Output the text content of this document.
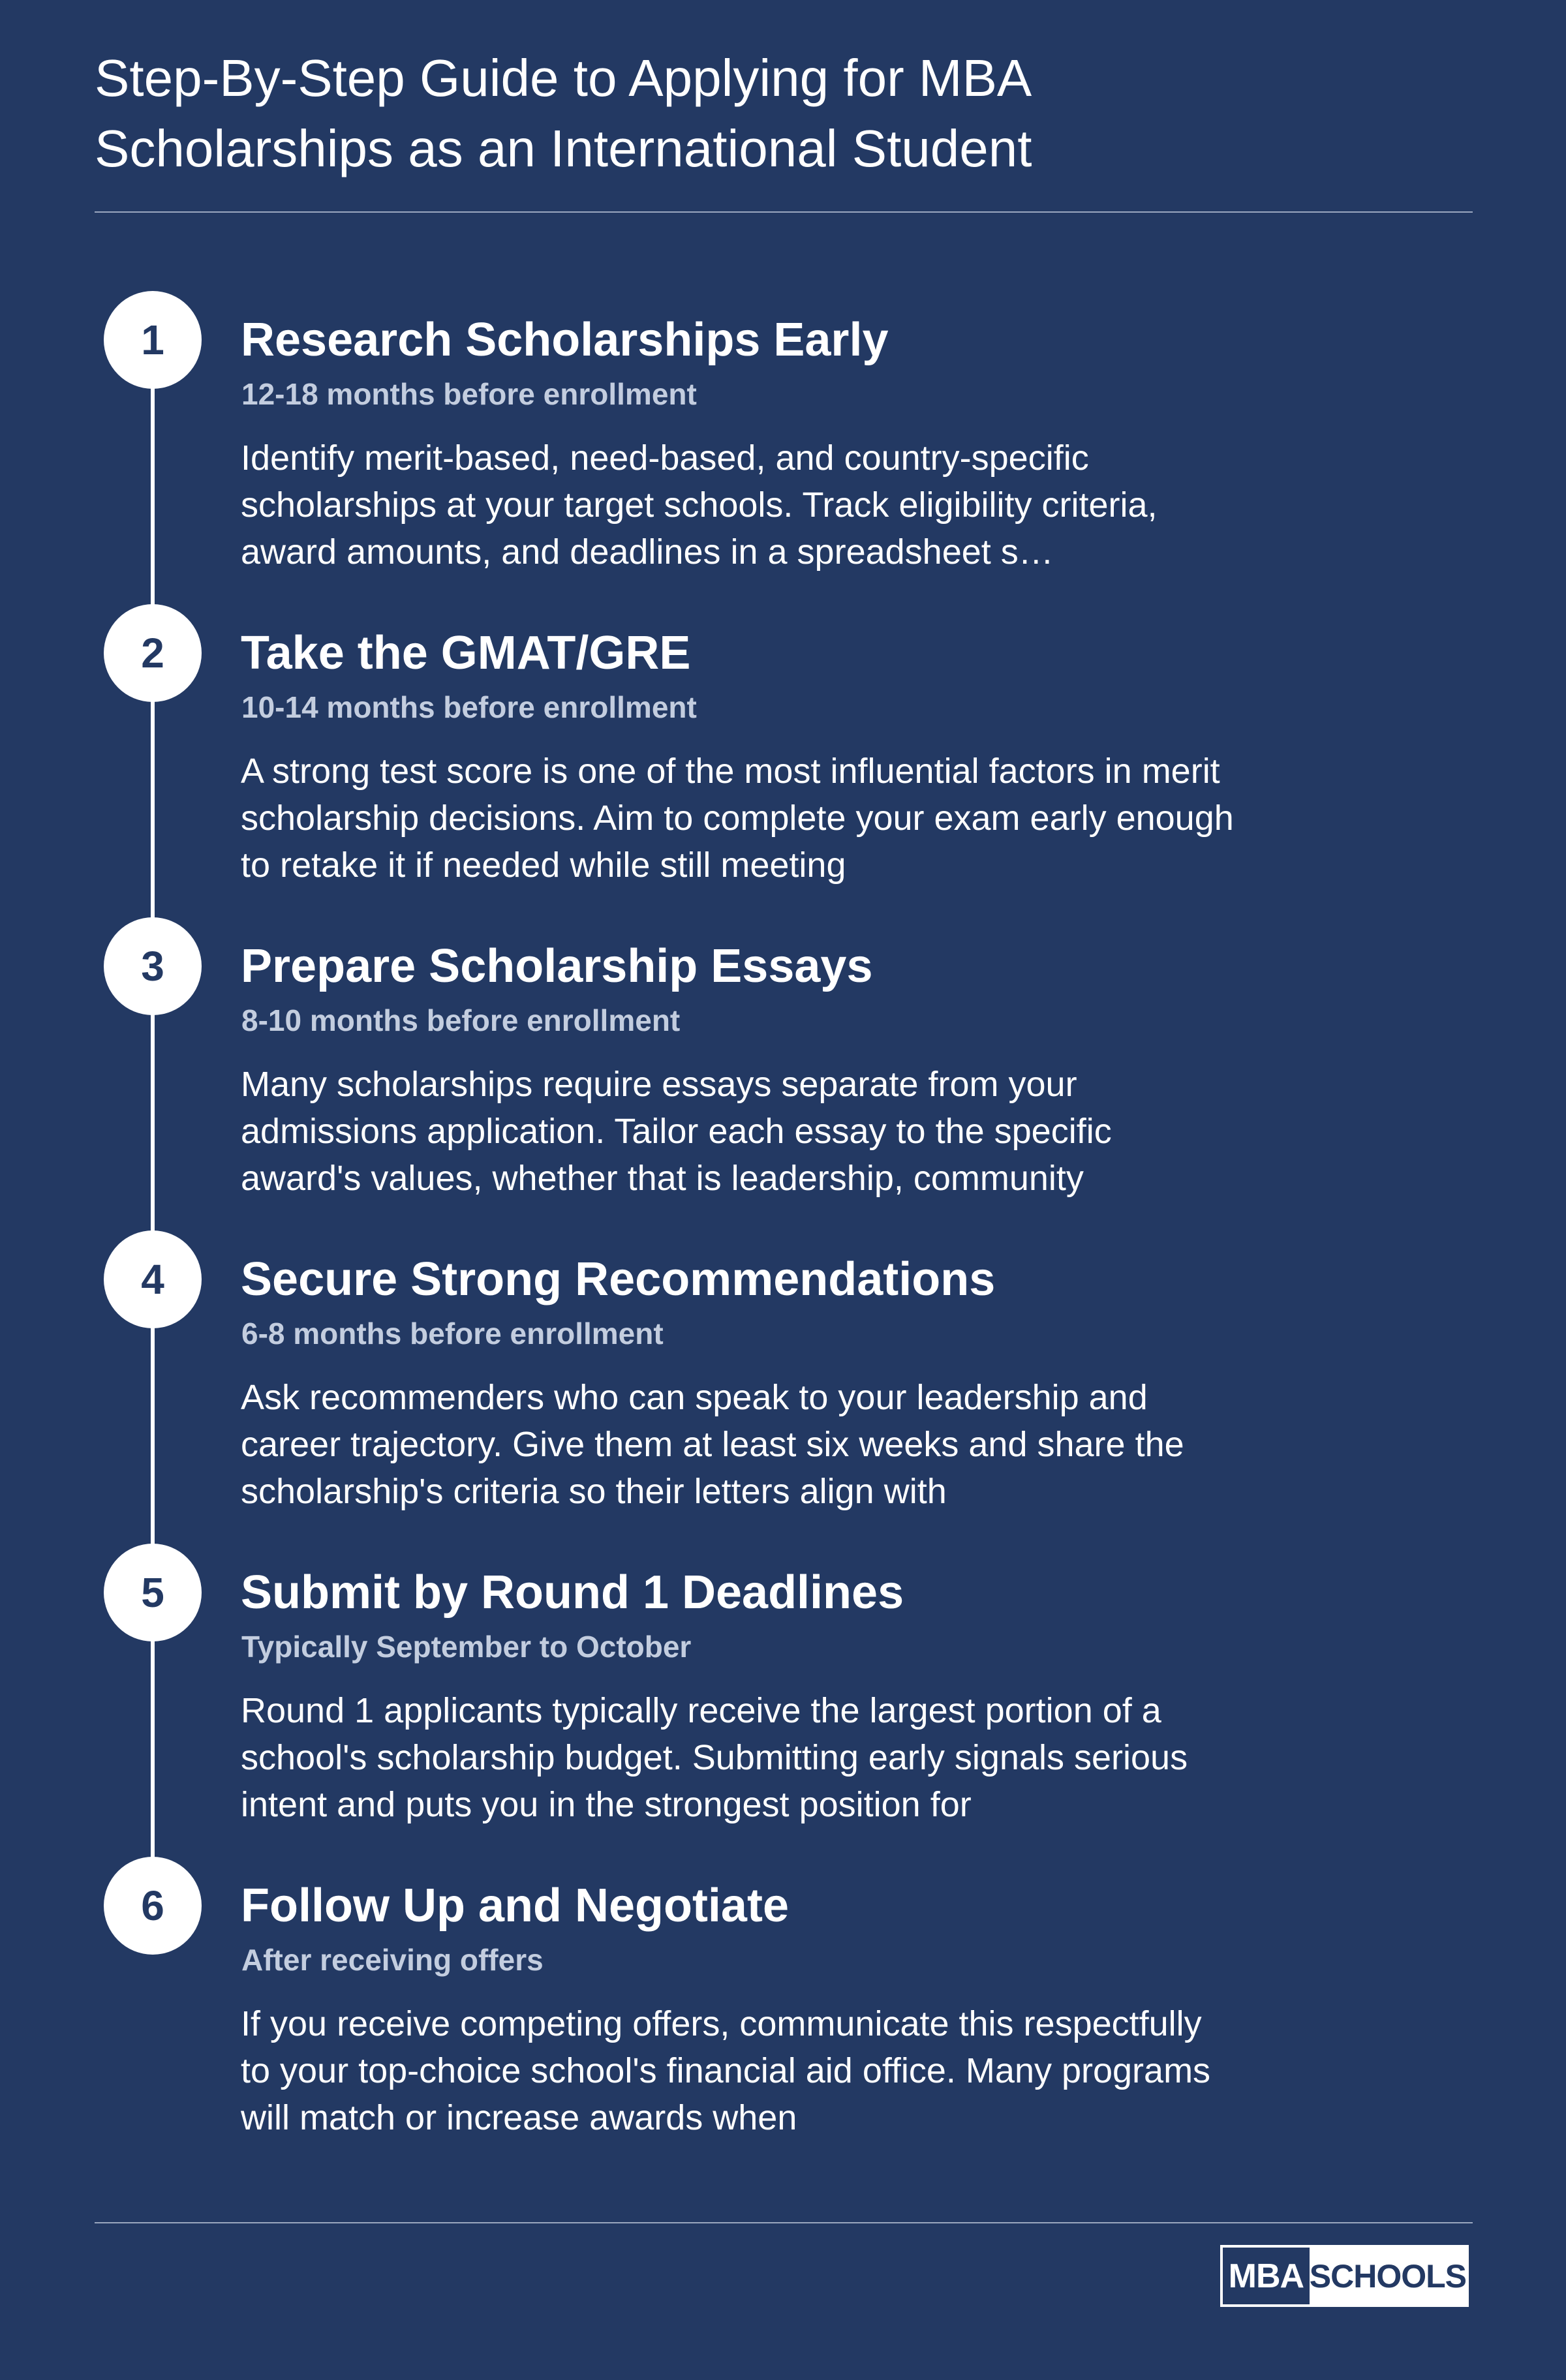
Step-By-Step Guide to Applying for MBA
Scholarships as an International Student
1	Research Scholarships Early
12-18 months before enrollment

Identify merit-based, need-based, and country-specific scholarships at your target schools. Track eligibility criteria, award amounts, and deadlines in a spreadsheet s…

2	Take the GMAT/GRE
10-14 months before enrollment

A strong test score is one of the most influential factors in merit scholarship decisions. Aim to complete your exam early enough to retake it if needed while still meeting

3	Prepare Scholarship Essays
8-10 months before enrollment

Many scholarships require essays separate from your admissions application. Tailor each essay to the specific award's values, whether that is leadership, community

4	Secure Strong Recommendations
6-8 months before enrollment

Ask recommenders who can speak to your leadership and career trajectory. Give them at least six weeks and share the scholarship's criteria so their letters align with

5	Submit by Round 1 Deadlines
Typically September to October

Round 1 applicants typically receive the largest portion of a school's scholarship budget. Submitting early signals serious intent and puts you in the strongest position for

6	Follow Up and Negotiate
After receiving offers

If you receive competing offers, communicate this respectfully to your top-choice school's financial aid office. Many programs will match or increase awards when

MBA SCHOOLS
